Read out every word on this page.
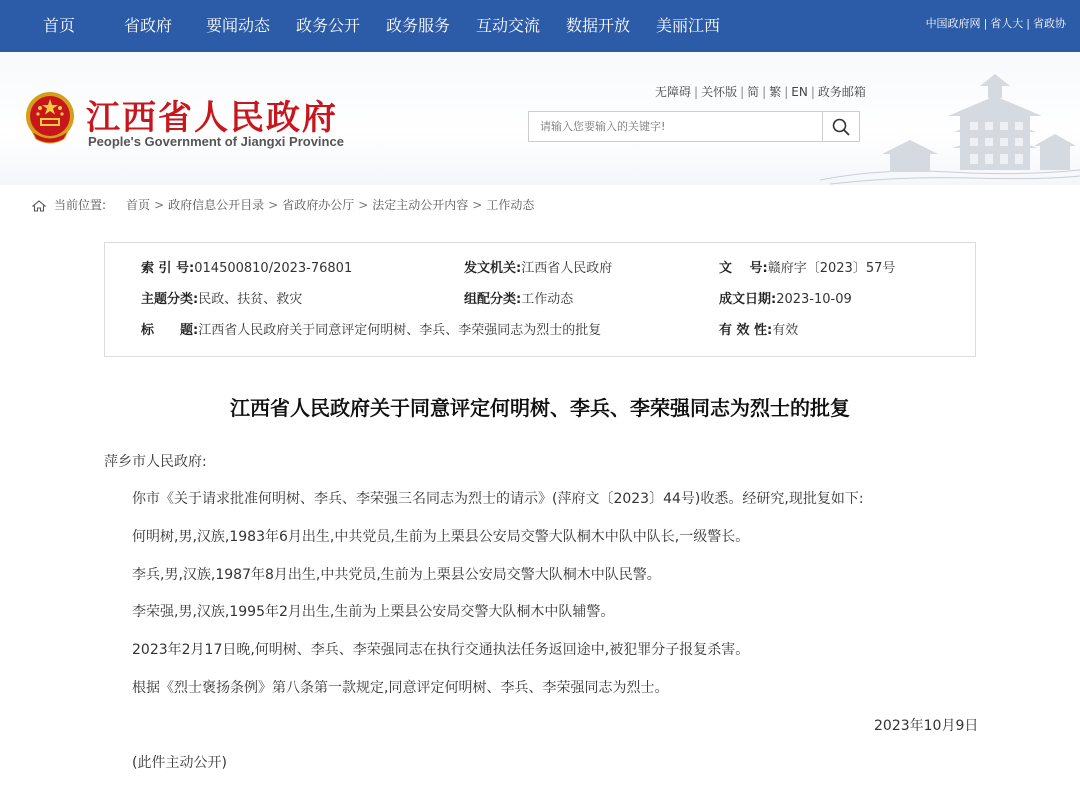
首页	省政府 要闻动态 政务公开 政务服务 互动交流 数据开放 美丽江西	中国政府网 | 省人大 | 省政协
江西省人民政府
People's Government of Jiangxi Province
无障碍 | 关怀版 | 简 | 繁 | EN | 政务邮箱
请输入您要输入的关键字!
当前位置: 首页 > 政府信息公开目录 > 省政府办公厅 > 法定主动公开内容 > 工作动态
索 引 号:014500810/2023-76801	发文机关:江西省人民政府	文　 号:赣府字〔2023〕57号
主题分类:民政、扶贫、救灾	组配分类:工作动态	成文日期:2023-10-09
标　　题:江西省人民政府关于同意评定何明树、李兵、李荣强同志为烈士的批复	有 效 性:有效
江西省人民政府关于同意评定何明树、李兵、李荣强同志为烈士的批复
萍乡市人民政府:
你市《关于请求批准何明树、李兵、李荣强三名同志为烈士的请示》(萍府文〔2023〕44号)收悉。经研究,现批复如下:
何明树,男,汉族,1983年6月出生,中共党员,生前为上栗县公安局交警大队桐木中队中队长,一级警长。
李兵,男,汉族,1987年8月出生,中共党员,生前为上栗县公安局交警大队桐木中队民警。
李荣强,男,汉族,1995年2月出生,生前为上栗县公安局交警大队桐木中队辅警。
2023年2月17日晚,何明树、李兵、李荣强同志在执行交通执法任务返回途中,被犯罪分子报复杀害。
根据《烈士褒扬条例》第八条第一款规定,同意评定何明树、李兵、李荣强同志为烈士。
2023年10月9日
(此件主动公开)
